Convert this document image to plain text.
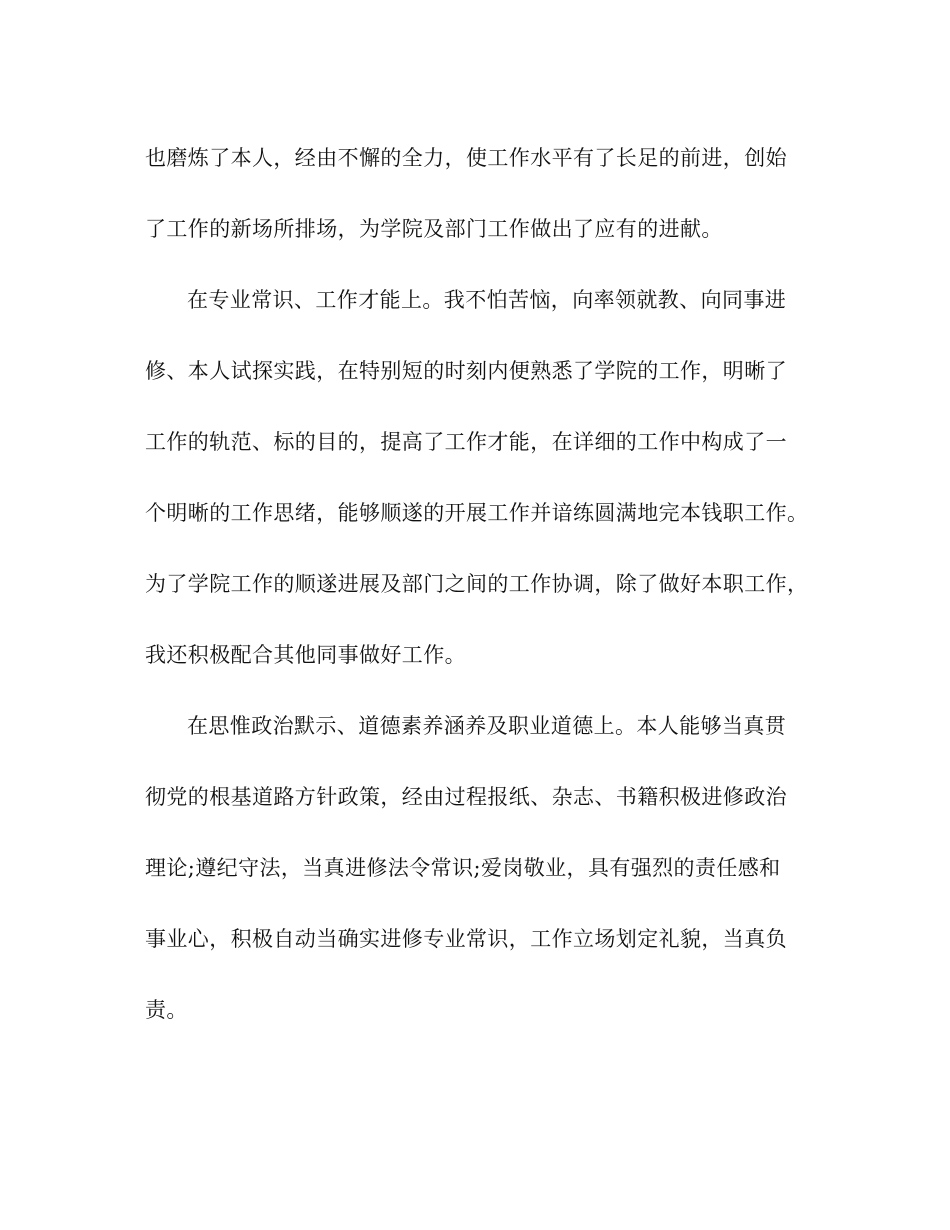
也磨炼了本人，经由不懈的全力，使工作水平有了长足的前进，创始
了工作的新场所排场，为学院及部门工作做出了应有的进献。
在专业常识、工作才能上。我不怕苦恼，向率领就教、向同事进
修、本人试探实践，在特别短的时刻内便熟悉了学院的工作，明晰了
工作的轨范、标的目的，提高了工作才能，在详细的工作中构成了一
个明晰的工作思绪，能够顺遂的开展工作并谙练圆满地完本钱职工作。
为了学院工作的顺遂进展及部门之间的工作协调，除了做好本职工作，
我还积极配合其他同事做好工作。
在思惟政治默示、道德素养涵养及职业道德上。本人能够当真贯
彻党的根基道路方针政策，经由过程报纸、杂志、书籍积极进修政治
理论;遵纪守法，当真进修法令常识;爱岗敬业，具有强烈的责任感和
事业心，积极自动当确实进修专业常识，工作立场划定礼貌，当真负
责。
